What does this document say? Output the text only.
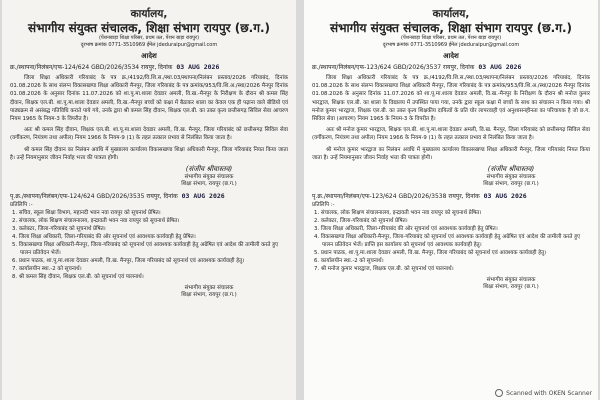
कार्यालय,
संभागीय संयुक्त संचालक, शिक्षा संभाग रायपुर (छ.ग.)
(पेंशनबाड़ा शिक्षा परिसर, प्रथम तल, पेंशन बाड़ा रायपुर)
दूरभाष क्रमांक 0771-3510969 ईमेल jdeduraipur@gmail.com
आदेश
क्र./स्थापना/निलंबन/एफ-124/624 GBD/2026/3534 रायपुर, दिनांक 03 AUG 2026
जिला शिक्षा अधिकारी गरियाबंद के पत्र क्र./4192/वि.शि.स./स्था.03/स्थापना/निलंबन प्रस्ताव/2026 गरियाबंद, दिनांक 01.08.2026 के साथ संलग्न विकासखण्ड शिक्षा अधिकारी मैनपुर, जिला गरियाबंद के पत्र क्रमांक/953/वि.शि.अ./स्था/2026 मैनपुर दिनांक 01.08.2026 के अनुसार दिनांक 11.07.2026 को शा.पू.मा.शाला देवडार अमली, वि.ख.-मैनपुर के निरीक्षण के दौरान श्री कमल सिंह दीवान, शिक्षक एल.बी. शा.पू.मा.शाला देवडार अमली, वि.ख.-मैनपुर बच्चों को कक्षा में बैठाकर शाला का केवल एक ही पढ़ाना वाले बीडियो एवं पाठ्यक्रम से असंबद्ध गतिविधि कराते पाये गये, उनके द्वारा श्री कमल सिंह दीवान, शिक्षक एल.बी. का उक्त कृत्य छत्तीसगढ़ सिविल सेवा आचरण नियम 1965 के नियम-3 के विपरीत है।
अतः श्री कमल सिंह दीवान, शिक्षक एल.बी. शा.पू.मा.शाला देवडार अमली, वि.ख. मैनपुर, जिला गरियाबंद को छत्तीसगढ़ सिविल सेवा (वर्गीकरण, नियंत्रण तथा अपील) नियम 1966 के नियम-9 (1) के तहत तत्काल प्रभाव से निलंबित किया जाता है।
श्री कमल सिंह दीवान का निलंबन अवधि में मुख्यालय कार्यालय विकासखण्ड शिक्षा अधिकारी मैनपुर, जिला गरियाबंद नियत किया जाता है। उन्हें नियमानुसार जीवन निर्वाह भत्ता की पात्रता होगी।
(संजीव श्रीवास्तव)
संभागीय संयुक्त संचालक
शिक्षा संभाग, रायपुर (छ.ग.)
पृ.क्र./स्थापना/निलंबन/एफ-124/624 GBD/2026/3535 रायपुर, दिनांक 03 AUG 2026
प्रतिलिपि :-
1. सचिव, स्कूल शिक्षा विभाग, महानदी भवन नवा रायपुर को सूचनार्थ प्रेषित।
2. संचालक, लोक शिक्षण संचालनालय, इन्द्रावती भवन नवा रायपुर को सूचनार्थ प्रेषित।
3. कलेक्टर, जिला-गरियाबंद को सूचनार्थ प्रेषित।
4. जिला शिक्षा अधिकारी, जिला-गरियाबंद की ओर सूचनार्थ एवं आवश्यक कार्यवाही हेतु प्रेषित।
5. विकासखण्ड शिक्षा अधिकारी-मैनपुर, जिला-गरियाबंद को सूचनार्थ एवं आवश्यक कार्यवाही हेतु अग्रेषित एवं आदेश की तामीली करते हुए पालन प्रतिवेदन भेजें।
6. प्रधान पाठक, शा.पू.मा.शाला देवडार अमली, वि.ख. मैनपुर, जिला गरियाबंद को सूचनार्थ एवं आवश्यक कार्यवाही हेतु।
7. कार्यालयीन स्था.-2 को सूचनार्थ।
8. श्री कमल सिंह दीवान, शिक्षक एल.बी. को सूचनार्थ एवं पालनार्थ।
संभागीय संयुक्त संचालक
शिक्षा संभाग, रायपुर (छ.ग.)
कार्यालय,
संभागीय संयुक्त संचालक, शिक्षा संभाग रायपुर (छ.ग.)
(पेंशनबाड़ा शिक्षा परिसर, प्रथम तल, पेंशन बाड़ा रायपुर)
दूरभाष क्रमांक 0771-3510969 ईमेल jdeduraipur@gmail.com
आदेश
क्र./स्थापना/निलंबन/एफ-123/624 GBD/2026/3537 रायपुर, दिनांक 03 AUG 2026
जिला शिक्षा अधिकारी गरियाबंद के पत्र क्र./4192/वि.शि.स./स्था.03/स्थापना/निलंबन प्रस्ताव/2026 गरियाबंद, दिनांक 01.08.2026 के साथ संलग्न विकासखण्ड शिक्षा अधिकारी मैनपुर, जिला गरियाबंद के पत्र क्रमांक/953/वि.शि.अ./स्था/2026 मैनपुर दिनांक 01.08.2026 के अनुसार दिनांक 11.07.2026 को शा.पू.मा.शाला देवडार अमली, वि.ख.-मैनपुर के निरीक्षण के दौरान श्री मनोज कुमार भारद्वाज, शिक्षक एल.बी. का शाला के विद्यालय में उपस्थित पाया गया, उनके द्वारा स्कूल कक्षा में बच्चों के साथ का संचालन न किया गया। श्री मनोज कुमार भारद्वाज, शिक्षक एल.बी. का उक्त कृत्य शिक्षकीय दायित्वों के प्रति घोर लापरवाही एवं अनुशासनहीनता का परिचायक है जो छ.ग. सिविल सेवा (आचरण) नियम 1965 के नियम-3 के विपरीत है।
अतः श्री मनोज कुमार भारद्वाज, शिक्षक एल.बी. शा.पू.मा.शाला देवडार अमली, वि.ख. मैनपुर, जिला गरियाबंद को छत्तीसगढ़ सिविल सेवा (वर्गीकरण, नियंत्रण तथा अपील) नियम 1966 के नियम-9 (1) के तहत तत्काल प्रभाव से निलंबित किया जाता है।
श्री मनोज कुमार भारद्वाज का निलंबन अवधि में मुख्यालय कार्यालय विकासखण्ड शिक्षा अधिकारी मैनपुर, जिला गरियाबंद नियत किया जाता है। उन्हें नियमानुसार जीवन निर्वाह भत्ता की पात्रता होगी।
(संजीव श्रीवास्तव)
संभागीय संयुक्त संचालक
शिक्षा संभाग, रायपुर (छ.ग.)
पृ.क्र./स्थापना/निलंबन/एफ-123/624 GBD/2026/3538 रायपुर, दिनांक 03 AUG 2026
प्रतिलिपि :-
1. संचालक, लोक शिक्षण संचालनालय, इन्द्रावती भवन नवा रायपुर को सूचनार्थ प्रेषित।
2. कलेक्टर, जिला-गरियाबंद को सूचनार्थ प्रेषित।
3. जिला शिक्षा अधिकारी, जिला-गरियाबंद की ओर सूचनार्थ एवं आवश्यक कार्यवाही हेतु प्रेषित।
4. विकासखण्ड शिक्षा अधिकारी-मैनपुर, जिला-गरियाबंद को सूचनार्थ एवं आवश्यक कार्यवाही हेतु अग्रेषित एवं आदेश की तामीली करते हुए पालन प्रतिवेदन भेजें। प्राप्ति इस कार्यालय को सूचनार्थ एवं आवश्यक कार्यवाही हेतु।
5. प्रधान पाठक, शा.पू.मा.शाला देवडार अमली, वि.ख. मैनपुर, जिला गरियाबंद को सूचनार्थ एवं आवश्यक कार्यवाही हेतु।
6. कार्यालयीन स्था.-2 को सूचनार्थ।
7. श्री मनोज कुमार भारद्वाज, शिक्षक एल.बी. को सूचनार्थ एवं पालनार्थ।
संभागीय संयुक्त संचालक
शिक्षा संभाग, रायपुर (छ.ग.)
Scanned with OKEN Scanner
